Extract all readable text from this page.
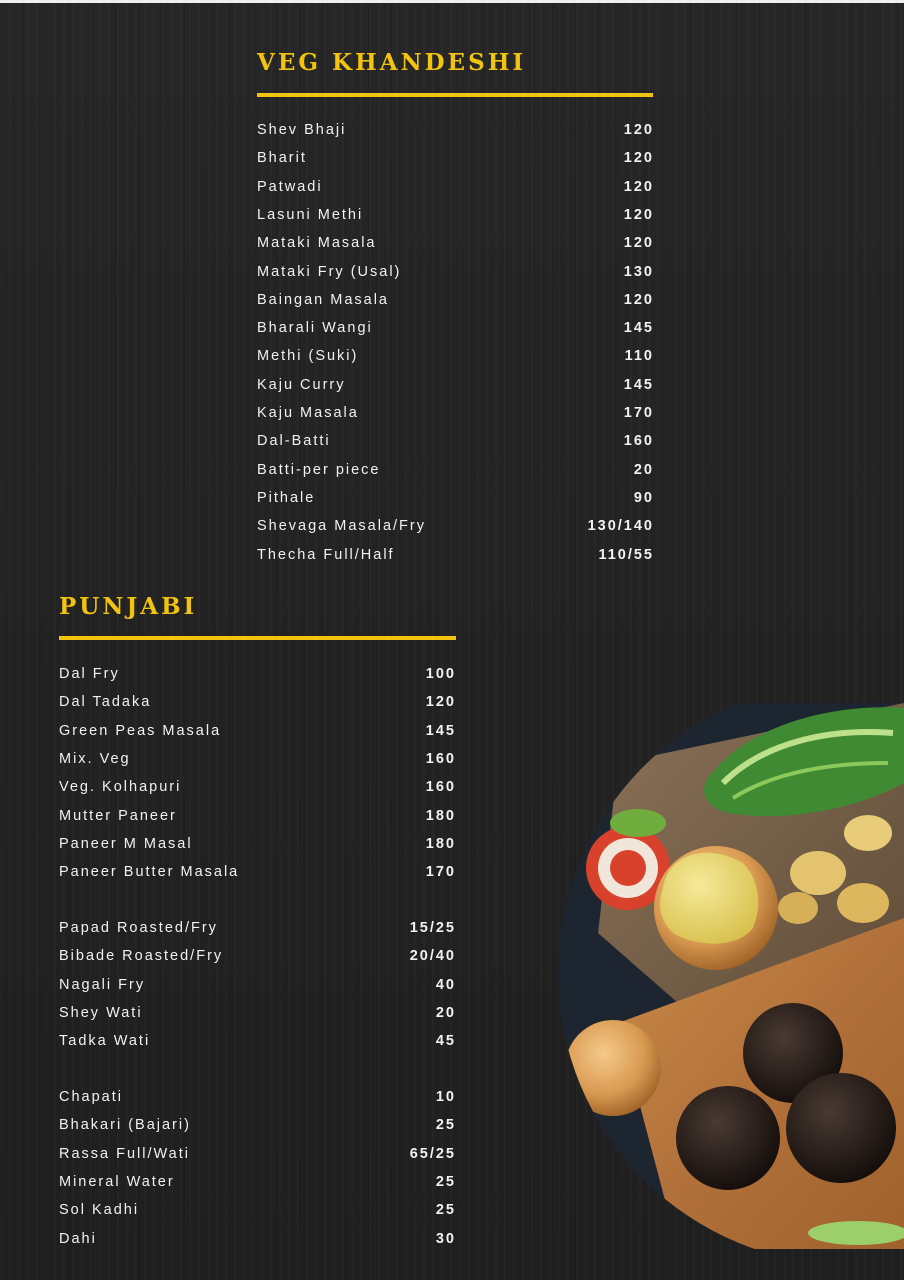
VEG KHANDESHI
Shev Bhaji	120
Bharit	120
Patwadi	120
Lasuni Methi	120
Mataki Masala	120
Mataki Fry (Usal)	130
Baingan Masala	120
Bharali Wangi	145
Methi (Suki)	110
Kaju Curry	145
Kaju Masala	170
Dal-Batti	160
Batti-per piece	20
Pithale	90
Shevaga Masala/Fry	130/140
Thecha Full/Half	110/55
PUNJABI
Dal Fry	100
Dal Tadaka	120
Green Peas Masala	145
Mix. Veg	160
Veg. Kolhapuri	160
Mutter Paneer	180
Paneer M Masal	180
Paneer Butter Masala	170
Papad Roasted/Fry	15/25
Bibade Roasted/Fry	20/40
Nagali Fry	40
Shey Wati	20
Tadka Wati	45
Chapati	10
Bhakari (Bajari)	25
Rassa Full/Wati	65/25
Mineral Water	25
Sol Kadhi	25
Dahi	30
